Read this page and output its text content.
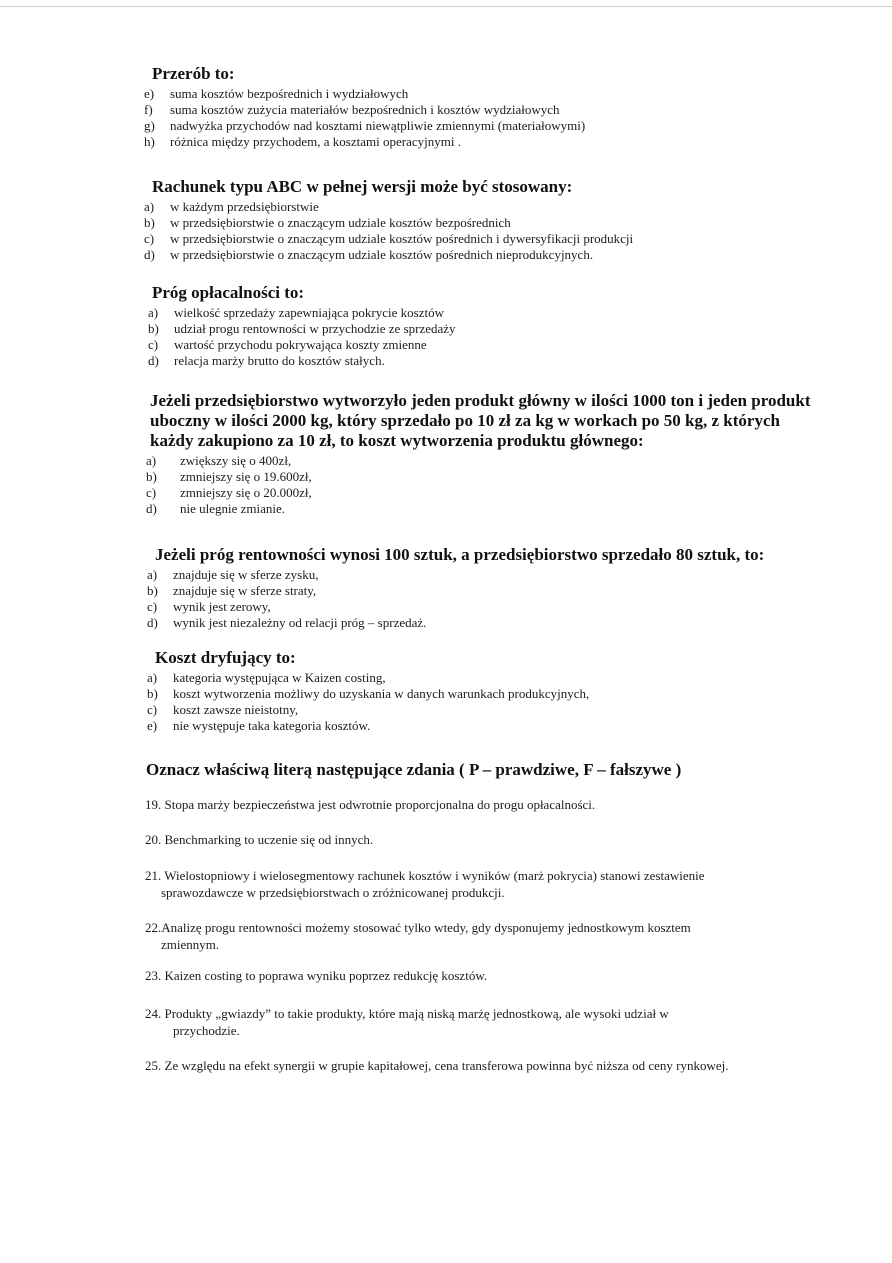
Przerób to:
e)	suma kosztów bezpośrednich i wydziałowych
f)	suma kosztów zużycia materiałów bezpośrednich i kosztów wydziałowych
g)	nadwyżka przychodów nad kosztami niewątpliwie zmiennymi (materiałowymi)
h)	różnica między przychodem, a kosztami operacyjnymi .
Rachunek typu ABC w pełnej wersji może być stosowany:
a)	w każdym przedsiębiorstwie
b)	w przedsiębiorstwie o znaczącym udziale kosztów bezpośrednich
c)	w przedsiębiorstwie o znaczącym udziale kosztów pośrednich i dywersyfikacji produkcji
d)	w przedsiębiorstwie o znaczącym udziale kosztów pośrednich nieprodukcyjnych.
Próg opłacalności to:
a)	wielkość sprzedaży zapewniająca pokrycie kosztów
b)	udział progu rentowności w przychodzie ze sprzedaży
c)	wartość przychodu pokrywająca koszty zmienne
d)	relacja marży brutto do kosztów stałych.
Jeżeli przedsiębiorstwo wytworzyło jeden produkt główny w ilości 1000 ton i jeden produkt uboczny w ilości 2000 kg, który sprzedało po 10 zł za kg w workach po 50 kg, z których każdy zakupiono za 10 zł, to koszt wytworzenia produktu głównego:
a)	zwiększy się o 400zł,
b)	zmniejszy się o 19.600zł,
c)	zmniejszy się o 20.000zł,
d)	nie ulegnie zmianie.
Jeżeli próg rentowności wynosi 100 sztuk, a przedsiębiorstwo sprzedało 80 sztuk, to:
a)	znajduje się w sferze zysku,
b)	znajduje się w sferze straty,
c)	wynik jest zerowy,
d)	wynik jest niezależny od relacji próg – sprzedaż.
Koszt dryfujący to:
a)	kategoria występująca w Kaizen costing,
b)	koszt wytworzenia możliwy do uzyskania w danych warunkach produkcyjnych,
c)	koszt zawsze nieistotny,
e)	nie występuje taka kategoria kosztów.
Oznacz właściwą literą następujące zdania ( P – prawdziwe, F – fałszywe )
19. Stopa marży bezpieczeństwa jest odwrotnie proporcjonalna do progu opłacalności.
20. Benchmarking to uczenie się od innych.
21. Wielostopniowy i wielosegmentowy rachunek kosztów i wyników (marż pokrycia) stanowi zestawienie
sprawozdawcze w przedsiębiorstwach o zróżnicowanej produkcji.
22.Analizę progu rentowności możemy stosować tylko wtedy, gdy dysponujemy jednostkowym kosztem
zmiennym.
23. Kaizen costing to poprawa wyniku poprzez redukcję kosztów.
24. Produkty „gwiazdy” to takie produkty, które mają niską marżę jednostkową, ale wysoki udział w
przychodzie.
25. Ze względu na efekt synergii w grupie kapitałowej, cena transferowa powinna być niższa od ceny rynkowej.
